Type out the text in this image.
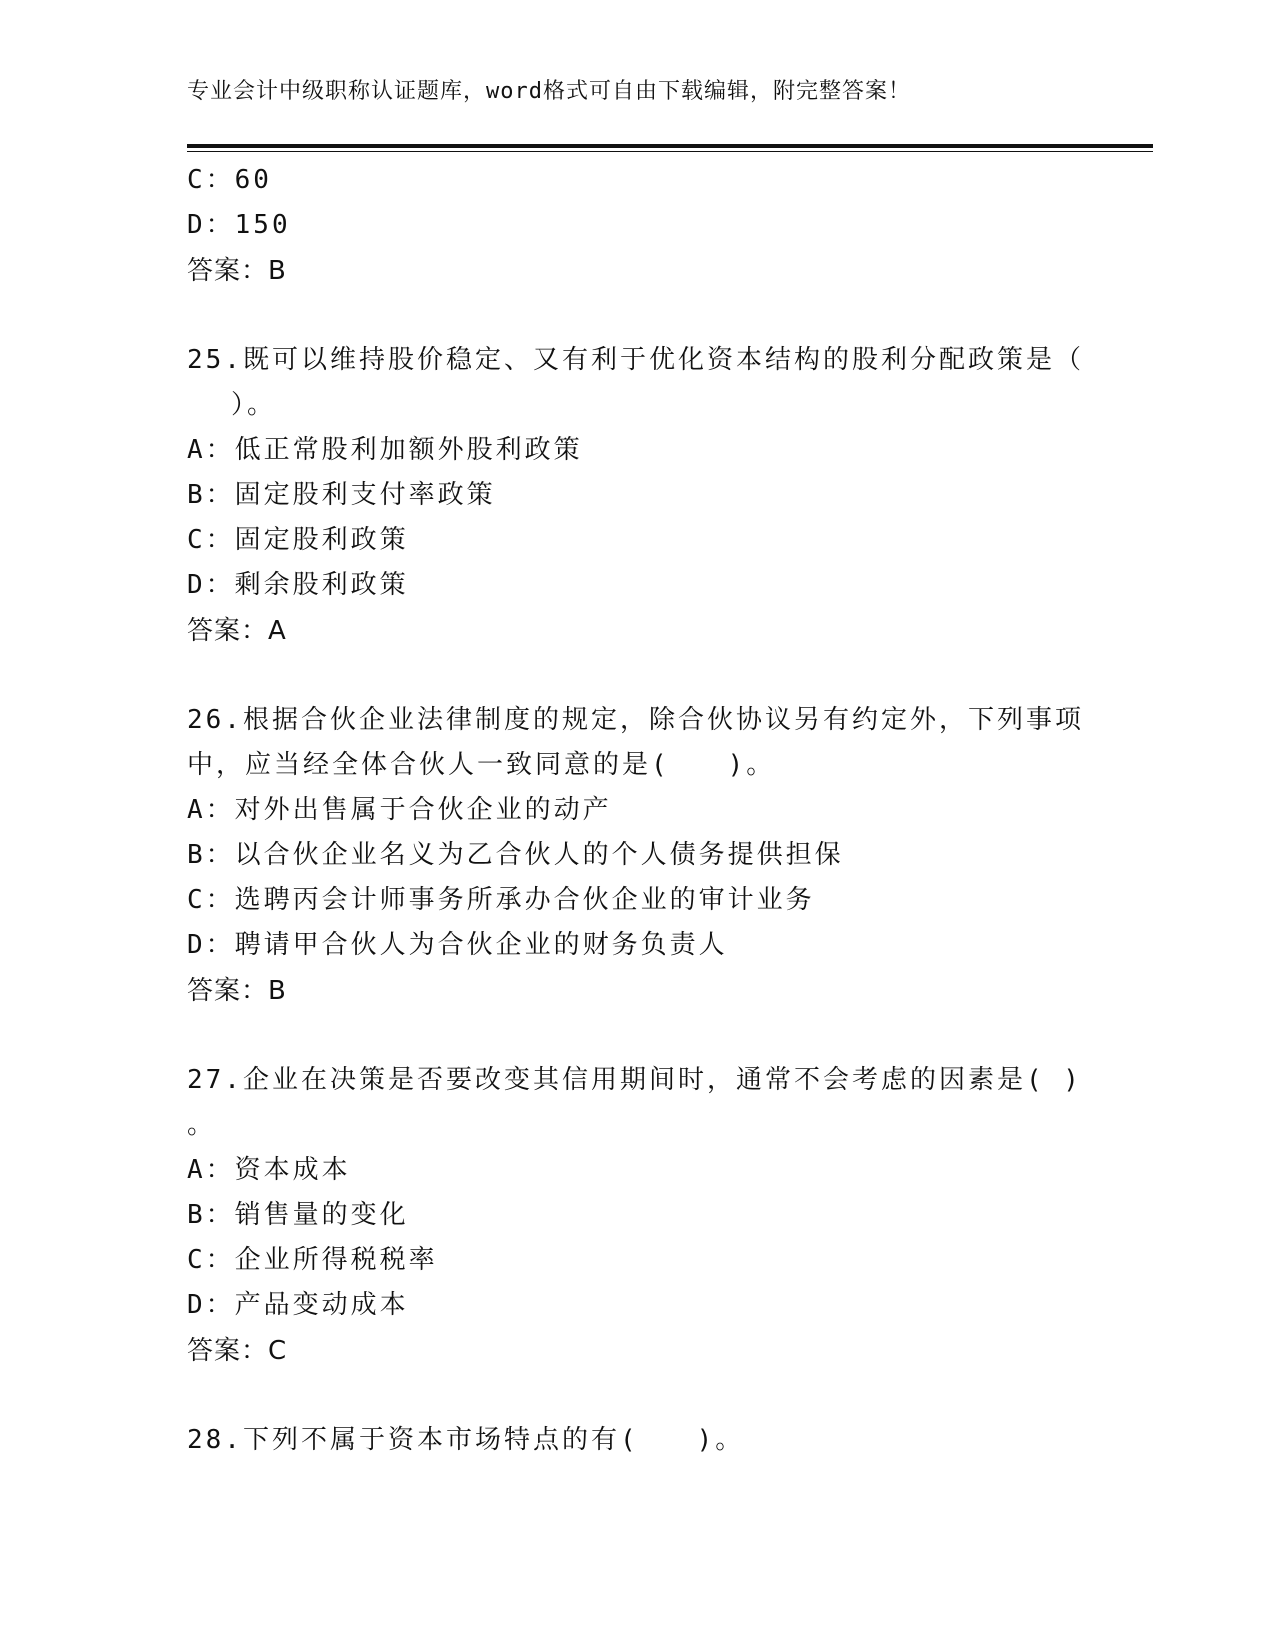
专业会计中级职称认证题库，word格式可自由下载编辑，附完整答案！
C：60
D：150
答案：B
25.既可以维持股价稳定、又有利于优化资本结构的股利分配政策是（
）。
A：低正常股利加额外股利政策
B：固定股利支付率政策
C：固定股利政策
D：剩余股利政策
答案：A
26.根据合伙企业法律制度的规定，除合伙协议另有约定外，下列事项
中，应当经全体合伙人一致同意的是(　　)。
A：对外出售属于合伙企业的动产
B：以合伙企业名义为乙合伙人的个人债务提供担保
C：选聘丙会计师事务所承办合伙企业的审计业务
D：聘请甲合伙人为合伙企业的财务负责人
答案：B
27.企业在决策是否要改变其信用期间时，通常不会考虑的因素是( )
。
A：资本成本
B：销售量的变化
C：企业所得税税率
D：产品变动成本
答案：C
28.下列不属于资本市场特点的有(　　)。
